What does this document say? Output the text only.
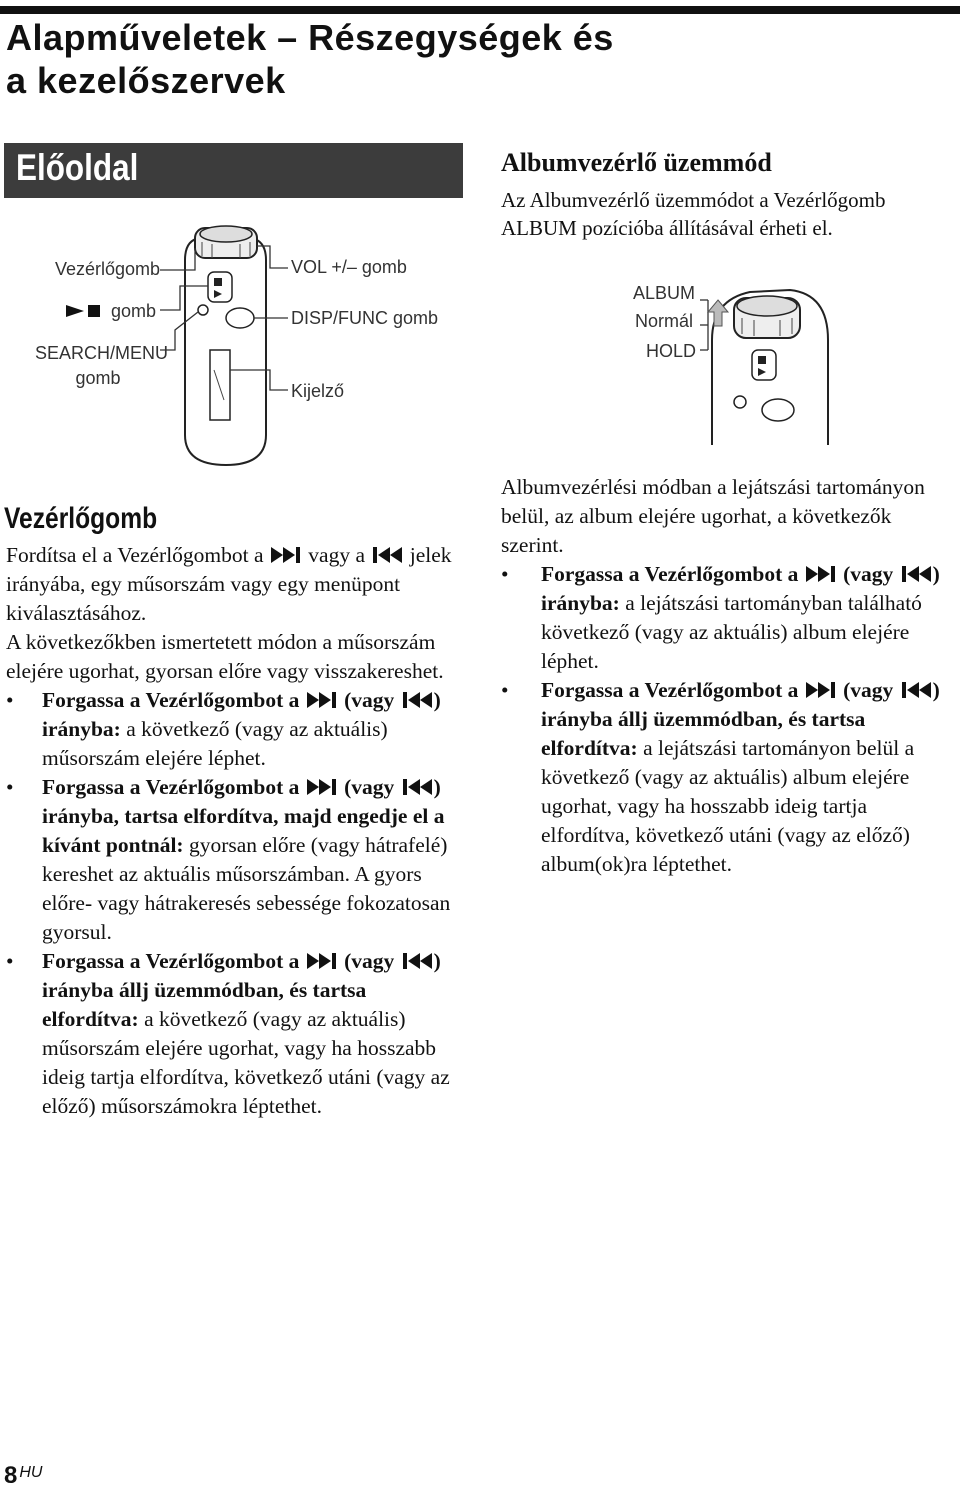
Alapműveletek – Részegységek és
a kezelőszervek
Előoldal
Vezérlőgomb
gomb
SEARCH/MENU
gomb
VOL +/– gomb
DISP/FUNC gomb
Kijelző
Albumvezérlő üzemmód
Az Albumvezérlő üzemmódot a Vezérlőgomb ALBUM pozícióba állításával érheti el.
ALBUM
Normál
HOLD
Vezérlőgomb

Fordítsa el a Vezérlőgombot a vagy a jelek irányába, egy műsorszám vagy egy menüpont kiválasztásához.

A következőkben ismertetett módon a műsorszám elejére ugorhat, gyorsan előre vagy visszakereshet.

•	Forgassa a Vezérlőgombot a (vagy ) irányba: a következő (vagy az aktuális) műsorszám elejére léphet.
•	Forgassa a Vezérlőgombot a (vagy ) irányba, tartsa elfordítva, majd engedje el a kívánt pontnál: gyorsan előre (vagy hátrafelé) kereshet az aktuális műsorszámban. A gyors előre- vagy hátrakeresés sebessége fokozatosan gyorsul.
•	Forgassa a Vezérlőgombot a (vagy ) irányba állj üzemmódban, és tartsa elfordítva: a következő (vagy az aktuális) műsorszám elejére ugorhat, vagy ha hosszabb ideig tartja elfordítva, következő utáni (vagy az előző) műsorszámokra léptethet.

Albumvezérlési módban a lejátszási tartományon belül, az album elejére ugorhat, a következők szerint.

•	Forgassa a Vezérlőgombot a (vagy ) irányba: a lejátszási tartományban található következő (vagy az aktuális) album elejére léphet.
•	Forgassa a Vezérlőgombot a (vagy ) irányba állj üzemmódban, és tartsa elfordítva: a lejátszási tartományon belül a következő (vagy az aktuális) album elejére ugorhat, vagy ha hosszabb ideig tartja elfordítva, következő utáni (vagy az előző) album(ok)ra léptethet.
8 $^{HU}$
